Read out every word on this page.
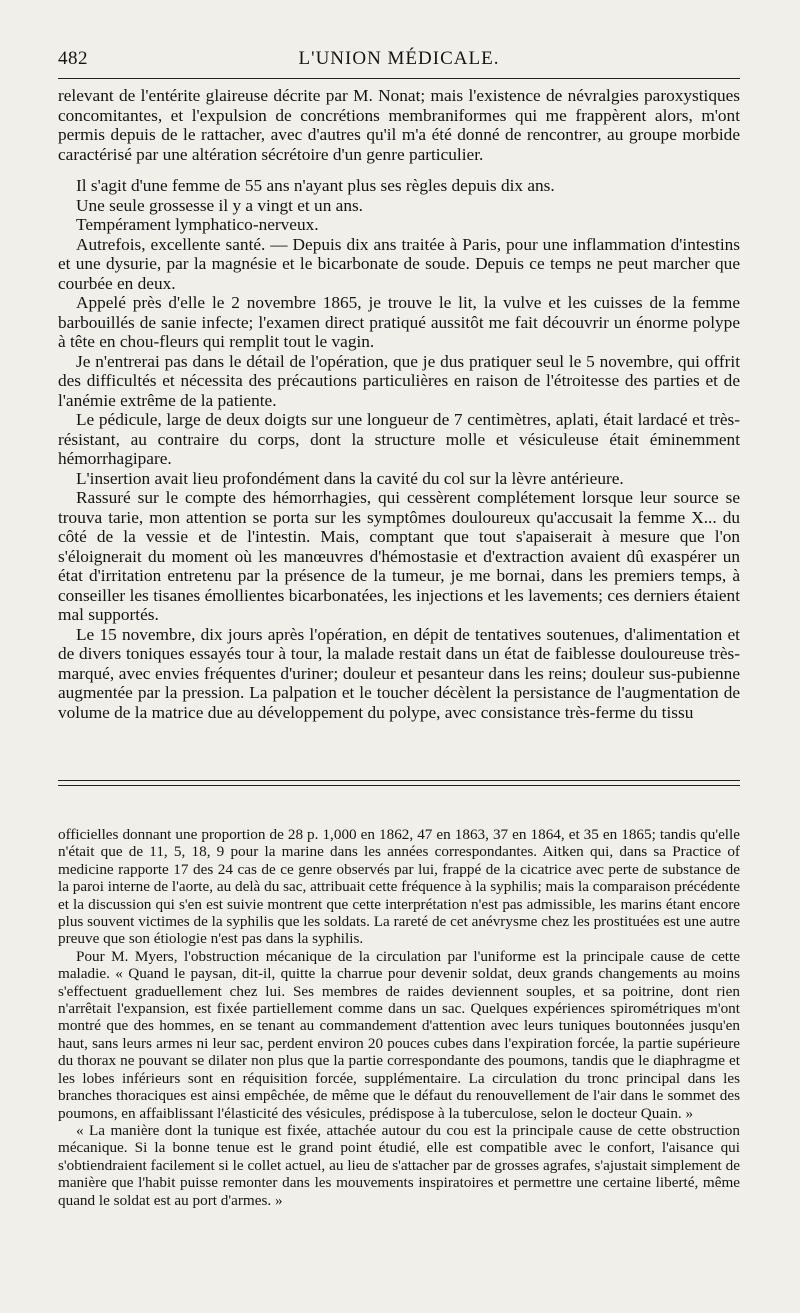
482	L'UNION MÉDICALE.

relevant de l'entérite glaireuse décrite par M. Nonat; mais l'existence de névralgies paroxystiques concomitantes, et l'expulsion de concrétions membraniformes qui me frappèrent alors, m'ont permis depuis de le rattacher, avec d'autres qu'il m'a été donné de rencontrer, au groupe morbide caractérisé par une altération sécrétoire d'un genre particulier.

Il s'agit d'une femme de 55 ans n'ayant plus ses règles depuis dix ans.

Une seule grossesse il y a vingt et un ans.

Tempérament lymphatico-nerveux.

Autrefois, excellente santé. — Depuis dix ans traitée à Paris, pour une inflammation d'intestins et une dysurie, par la magnésie et le bicarbonate de soude. Depuis ce temps ne peut marcher que courbée en deux.

Appelé près d'elle le 2 novembre 1865, je trouve le lit, la vulve et les cuisses de la femme barbouillés de sanie infecte; l'examen direct pratiqué aussitôt me fait découvrir un énorme polype à tête en chou-fleurs qui remplit tout le vagin.

Je n'entrerai pas dans le détail de l'opération, que je dus pratiquer seul le 5 novembre, qui offrit des difficultés et nécessita des précautions particulières en raison de l'étroitesse des parties et de l'anémie extrême de la patiente.

Le pédicule, large de deux doigts sur une longueur de 7 centimètres, aplati, était lardacé et très-résistant, au contraire du corps, dont la structure molle et vésiculeuse était éminemment hémorrhagipare.

L'insertion avait lieu profondément dans la cavité du col sur la lèvre antérieure.

Rassuré sur le compte des hémorrhagies, qui cessèrent complétement lorsque leur source se trouva tarie, mon attention se porta sur les symptômes douloureux qu'accusait la femme X... du côté de la vessie et de l'intestin. Mais, comptant que tout s'apaiserait à mesure que l'on s'éloignerait du moment où les manœuvres d'hémostasie et d'extraction avaient dû exaspérer un état d'irritation entretenu par la présence de la tumeur, je me bornai, dans les premiers temps, à conseiller les tisanes émollientes bicarbonatées, les injections et les lavements; ces derniers étaient mal supportés.

Le 15 novembre, dix jours après l'opération, en dépit de tentatives soutenues, d'alimentation et de divers toniques essayés tour à tour, la malade restait dans un état de faiblesse douloureuse très-marqué, avec envies fréquentes d'uriner; douleur et pesanteur dans les reins; douleur sus-pubienne augmentée par la pression. La palpation et le toucher décèlent la persistance de l'augmentation de volume de la matrice due au développement du polype, avec consistance très-ferme du tissu

officielles donnant une proportion de 28 p. 1,000 en 1862, 47 en 1863, 37 en 1864, et 35 en 1865; tandis qu'elle n'était que de 11, 5, 18, 9 pour la marine dans les années correspondantes. Aitken qui, dans sa Practice of medicine rapporte 17 des 24 cas de ce genre observés par lui, frappé de la cicatrice avec perte de substance de la paroi interne de l'aorte, au delà du sac, attribuait cette fréquence à la syphilis; mais la comparaison précédente et la discussion qui s'en est suivie montrent que cette interprétation n'est pas admissible, les marins étant encore plus souvent victimes de la syphilis que les soldats. La rareté de cet anévrysme chez les prostituées est une autre preuve que son étiologie n'est pas dans la syphilis.

Pour M. Myers, l'obstruction mécanique de la circulation par l'uniforme est la principale cause de cette maladie. « Quand le paysan, dit-il, quitte la charrue pour devenir soldat, deux grands changements au moins s'effectuent graduellement chez lui. Ses membres de raides deviennent souples, et sa poitrine, dont rien n'arrêtait l'expansion, est fixée partiellement comme dans un sac. Quelques expériences spirométriques m'ont montré que des hommes, en se tenant au commandement d'attention avec leurs tuniques boutonnées jusqu'en haut, sans leurs armes ni leur sac, perdent environ 20 pouces cubes dans l'expiration forcée, la partie supérieure du thorax ne pouvant se dilater non plus que la partie correspondante des poumons, tandis que le diaphragme et les lobes inférieurs sont en réquisition forcée, supplémentaire. La circulation du tronc principal dans les branches thoraciques est ainsi empêchée, de même que le défaut du renouvellement de l'air dans le sommet des poumons, en affaiblissant l'élasticité des vésicules, prédispose à la tuberculose, selon le docteur Quain. »

« La manière dont la tunique est fixée, attachée autour du cou est la principale cause de cette obstruction mécanique. Si la bonne tenue est le grand point étudié, elle est compatible avec le confort, l'aisance qui s'obtiendraient facilement si le collet actuel, au lieu de s'attacher par de grosses agrafes, s'ajustait simplement de manière que l'habit puisse remonter dans les mouvements inspiratoires et permettre une certaine liberté, même quand le soldat est au port d'armes. »
